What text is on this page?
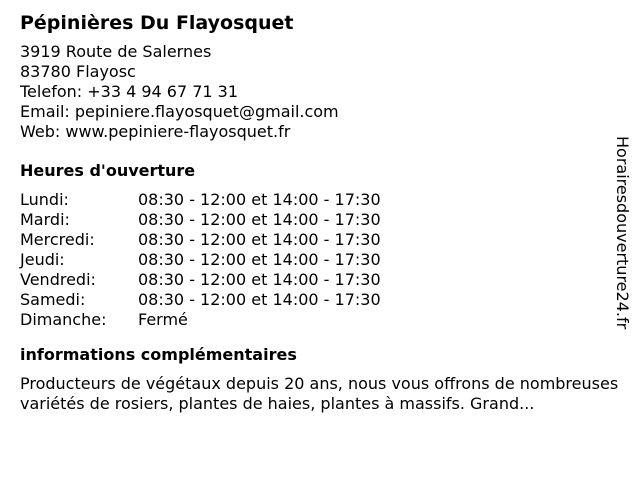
Pépinières Du Flayosquet
3919 Route de Salernes
83780 Flayosc
Telefon: +33 4 94 67 71 31
Email: pepiniere.flayosquet@gmail.com
Web: www.pepiniere-flayosquet.fr
Heures d'ouverture
Lundi:	08:30 - 12:00 et 14:00 - 17:30
Mardi:	08:30 - 12:00 et 14:00 - 17:30
Mercredi:	08:30 - 12:00 et 14:00 - 17:30
Jeudi:	08:30 - 12:00 et 14:00 - 17:30
Vendredi:	08:30 - 12:00 et 14:00 - 17:30
Samedi:	08:30 - 12:00 et 14:00 - 17:30
Dimanche:	Fermé
informations complémentaires
Producteurs de végétaux depuis 20 ans, nous vous offrons de nombreuses variétés de rosiers, plantes de haies, plantes à massifs. Grand...
Horairesdouverture24.fr
